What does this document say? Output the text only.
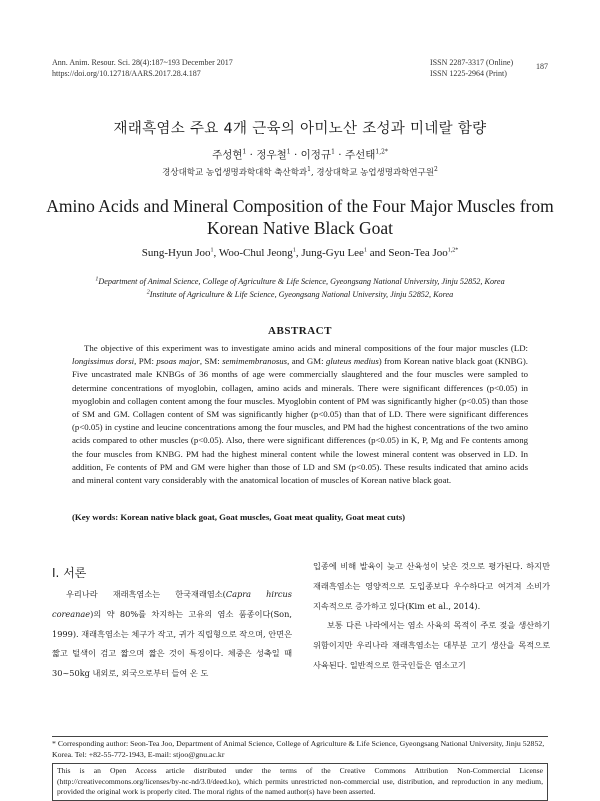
Ann. Anim. Resour. Sci. 28(4):187~193 December 2017
https://doi.org/10.12718/AARS.2017.28.4.187
ISSN 2287-3317 (Online)
ISSN 1225-2964 (Print)
187
재래흑염소 주요 4개 근육의 아미노산 조성과 미네랄 함량
주성현$^1$ · 정우철$^1$ · 이정규$^1$ · 주선태$^{1,2*}$
경상대학교 농업생명과학대학 축산학과$^1$, 경상대학교 농업생명과학연구원$^2$
Amino Acids and Mineral Composition of the Four Major Muscles from
Korean Native Black Goat
Sung-Hyun Joo$^1$, Woo-Chul Jeong$^1$, Jung-Gyu Lee$^1$ and Seon-Tea Joo$^{1,2*}$
$^1$Department of Animal Science, College of Agriculture & Life Science, Gyeongsang National University, Jinju 52852, Korea
$^2$Institute of Agriculture & Life Science, Gyeongsang National University, Jinju 52852, Korea
ABSTRACT

The objective of this experiment was to investigate amino acids and mineral compositions of the four major muscles (LD: longissimus dorsi, PM: psoas major, SM: semimembranosus, and GM: gluteus medius) from Korean native black goat (KNBG). Five uncastrated male KNBGs of 36 months of age were commercially slaughtered and the four muscles were sampled to determine concentrations of myoglobin, collagen, amino acids and minerals. There were significant differences (p<0.05) in myoglobin and collagen content among the four muscles. Myoglobin content of PM was significantly higher (p<0.05) than those of SM and GM. Collagen content of SM was significantly higher (p<0.05) than that of LD. There were significant differences (p<0.05) in cystine and leucine concentrations among the four muscles, and PM had the highest concentrations of the two amino acids compared to other muscles (p<0.05). Also, there were significant differences (p<0.05) in K, P, Mg and Fe contents among the four muscles from KNBG. PM had the highest mineral content while the lowest mineral content was observed in LD. In addition, Fe contents of PM and GM were higher than those of LD and SM (p<0.05). These results indicated that amino acids and mineral content vary considerably with the anatomical location of muscles of Korean native black goat.

(Key words: Korean native black goat, Goat muscles, Goat meat quality, Goat meat cuts)
Ⅰ. 서론

우리나라 재래흑염소는 한국재래염소(Capra hircus coreanae)의 약 80%를 차지하는 고유의 염소 품종이다(Son, 1999). 재래흑염소는 체구가 작고, 귀가 직립형으로 작으며, 안면은 짧고 털색이 검고 짧으며 짧은 것이 특징이다. 체중은 성축일 때 30~50kg 내외로, 외국으로부터 들여 온 도

입종에 비해 발육이 늦고 산육성이 낮은 것으로 평가된다. 하지만 재래흑염소는 영양적으로 도입종보다 우수하다고 여겨져 소비가 지속적으로 증가하고 있다(Kim et al., 2014).

보통 다른 나라에서는 염소 사육의 목적이 주로 젖을 생산하기 위함이지만 우리나라 재래흑염소는 대부분 고기 생산을 목적으로 사육된다. 일반적으로 한국인들은 염소고기

* Corresponding author: Seon-Tea Joo, Department of Animal Science, College of Agriculture & Life Science, Gyeongsang National University, Jinju 52852, Korea. Tel: +82-55-772-1943, E-mail: stjoo@gnu.ac.kr
This is an Open Access article distributed under the terms of the Creative Commons Attribution Non-Commercial License (http://creativecommons.org/licenses/by-nc-nd/3.0/deed.ko), which permits unrestricted non-commercial use, distribution, and reproduction in any medium, provided the original work is properly cited. The moral rights of the named author(s) have been asserted.
